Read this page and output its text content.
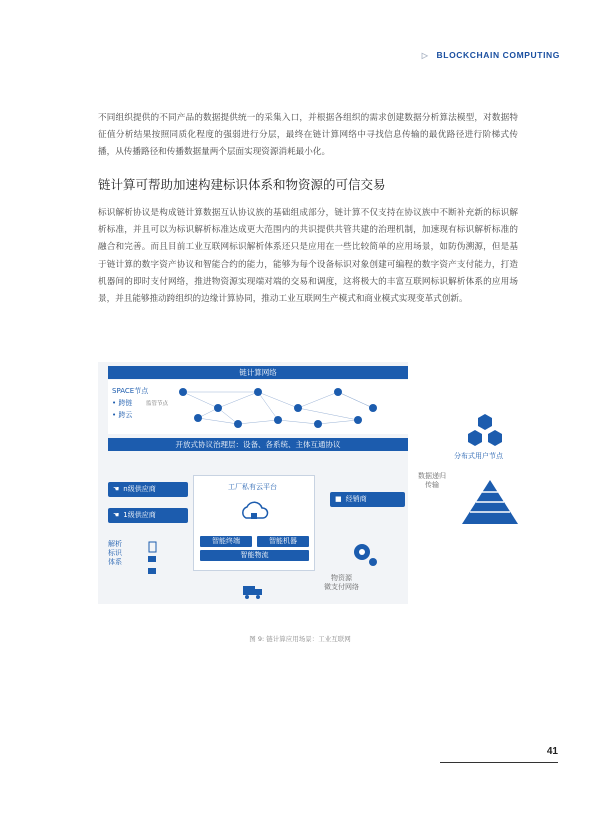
▷ BLOCKCHAIN COMPUTING

不同组织提供的不同产品的数据提供统一的采集入口，并根据各组织的需求创建数据分析算法模型，对数据特征值分析结果按照同质化程度的强弱进行分层，最终在链计算网络中寻找信息传输的最优路径进行阶梯式传播，从传播路径和传播数据量两个层面实现资源消耗最小化。

链计算可帮助加速构建标识体系和物资源的可信交易

标识解析协议是构成链计算数据互认协议族的基础组成部分，链计算不仅支持在协议族中不断补充新的标识解析标准，并且可以为标识解析标准达成更大范围内的共识提供共管共建的治理机制，加速现有标识解析标准的融合和完善。而且目前工业互联网标识解析体系还只是应用在一些比较简单的应用场景，如防伪溯源，但是基于链计算的数字资产协议和智能合约的能力，能够为每个设备标识对象创建可编程的数字资产支付能力，打造机器间的即时支付网络，推进物资源实现端对端的交易和调度，这将极大的丰富互联网标识解析体系的应用场景，并且能够推动跨组织的边缘计算协同，推动工业互联网生产模式和商业模式实现变革式创新。

链计算网络
SPACE节点
• 跨链
• 跨云
监管节点
开放式协议治理层：设备、各系统、主体互通协议
☚ n级供应商
☚ 1级供应商
工厂私有云平台
智能终端	智能机器
智能物流
■ 经销商
解析
标识
体系
物资源
微支付网络
分布式用户节点
数据递归
传输
图 9: 链计算应用场景：工业互联网
41
